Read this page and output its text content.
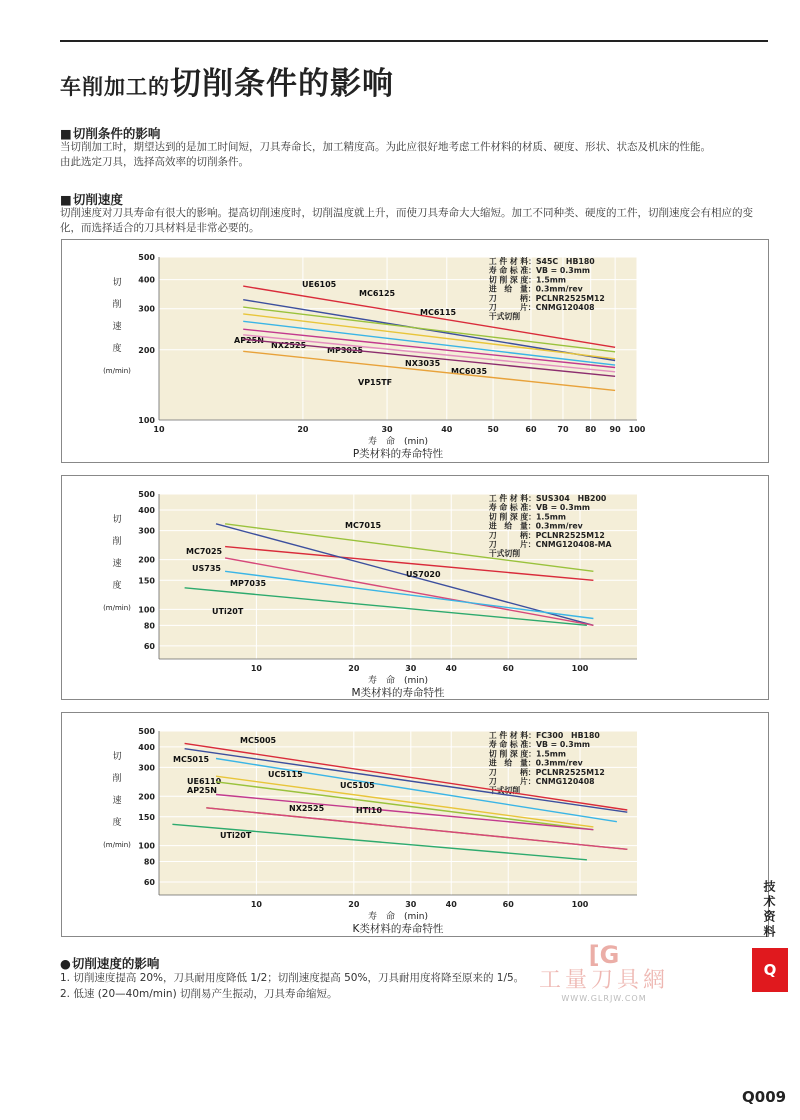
车削加工的切削条件的影响
■ 切削条件的影响
当切削加工时，期望达到的是加工时间短，刀具寿命长，加工精度高。为此应很好地考虑工件材料的材质、硬度、形状、状态及机床的性能。
由此选定刀具，选择高效率的切削条件。
■ 切削速度
切削速度对刀具寿命有很大的影响。提高切削速度时，切削温度就上升，而使刀具寿命大大缩短。加工不同种类、硬度的工件，切削速度会有相应的变
化，而选择适合的刀具材料是非常必要的。
10	20	30	40	50	60	70 80 90 100
100
200
300
400
500
切
削
速
度
(m/min)
寿　命　(min)
P类材料的寿命特性
工 件 材 料：S45C　HB180
寿 命 标 准：VB = 0.3mm
切 削 深 度：1.5mm
进　给　量：0.3mm/rev
刀　　　柄：PCLNR2525M12
刀　　　片：CNMG120408
干式切削
UE6105
MC6125
MC6115
AP25N
NX2525
MP3025
NX3035
MC6035
VP15TF
10	20	30	40	60	100
60
80
100
150
200
300
400
500
切
削
速
度
(m/min)
寿　命　(min)
M类材料的寿命特性
工 件 材 料：SUS304　HB200
寿 命 标 准：VB = 0.3mm
切 削 深 度：1.5mm
进　给　量：0.3mm/rev
刀　　　柄：PCLNR2525M12
刀　　　片：CNMG120408-MA
干式切削
MC7015
MC7025
US735
US7020
MP7035
UTi20T
10	20	30	40	60	100
60
80
100
150
200
300
400
500
切
削
速
度
(m/min)
寿　命　(min)
K类材料的寿命特性
工 件 材 料：FC300　HB180
寿 命 标 准：VB = 0.3mm
切 削 深 度：1.5mm
进　给　量：0.3mm/rev
刀　　　柄：PCLNR2525M12
刀　　　片：CNMG120408
干式切削
MC5005
MC5015
UC5115
UE6110
AP25N
UC5105
NX2525	HTi10
UTi20T
● 切削速度的影响
1. 切削速度提高 20%，刀具耐用度降低 1/2；切削速度提高 50%，刀具耐用度将降至原来的 1/5。
2. 低速 (20—40m/min) 切削易产生振动，刀具寿命缩短。
技术资料
Q
[G
工量刀具網
WWW.GLRJW.COM
Q009
